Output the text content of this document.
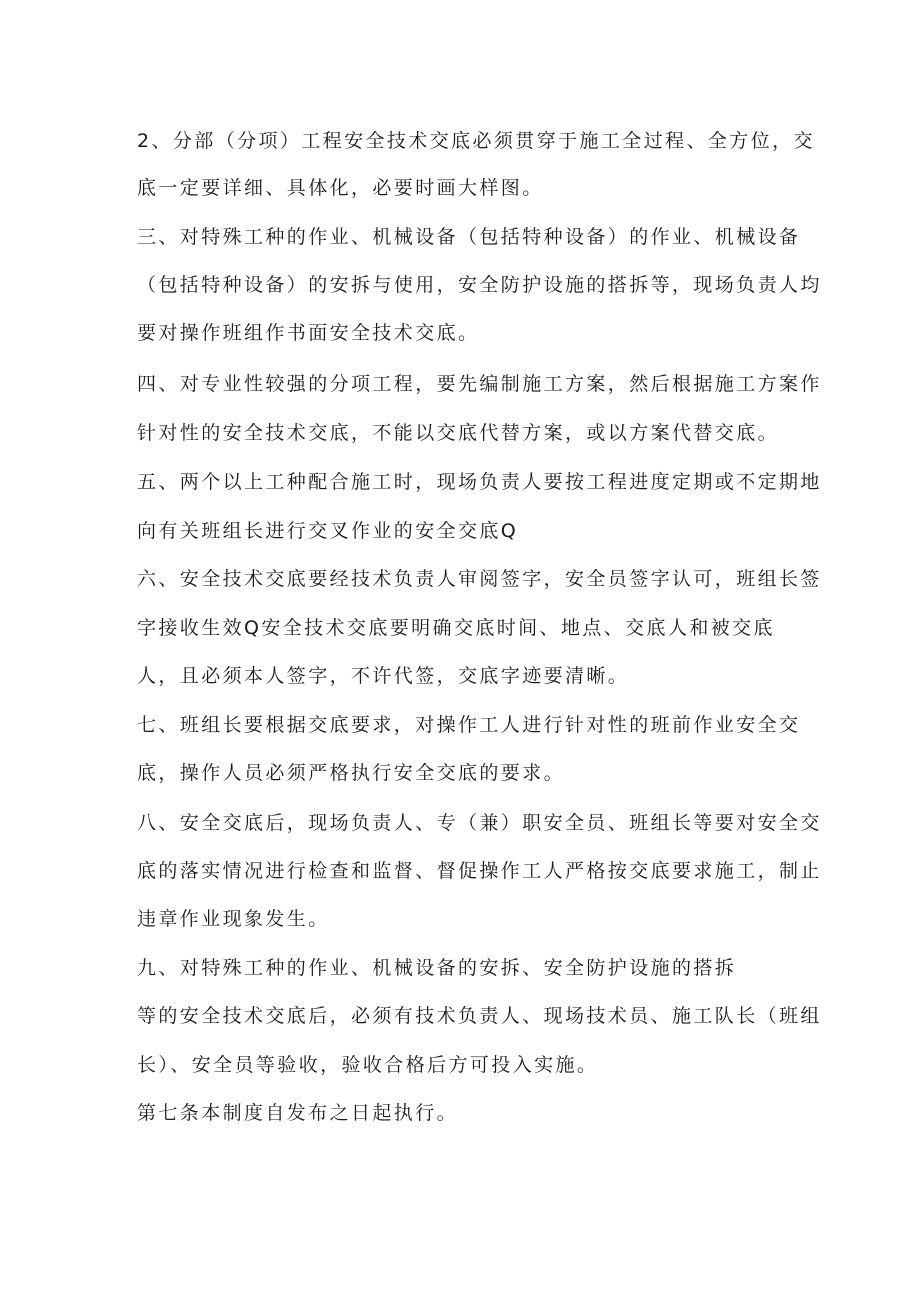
2、分部（分项）工程安全技术交底必须贯穿于施工全过程、全方位，交
底一定要详细、具体化，必要时画大样图。
三、对特殊工种的作业、机械设备（包括特种设备）的作业、机械设备
（包括特种设备）的安拆与使用，安全防护设施的搭拆等，现场负责人均
要对操作班组作书面安全技术交底。
四、对专业性较强的分项工程，要先编制施工方案，然后根据施工方案作
针对性的安全技术交底，不能以交底代替方案，或以方案代替交底。
五、两个以上工种配合施工时，现场负责人要按工程进度定期或不定期地
向有关班组长进行交叉作业的安全交底Q
六、安全技术交底要经技术负责人审阅签字，安全员签字认可，班组长签
字接收生效Q安全技术交底要明确交底时间、地点、交底人和被交底
人，且必须本人签字，不许代签，交底字迹要清晰。
七、班组长要根据交底要求，对操作工人进行针对性的班前作业安全交
底，操作人员必须严格执行安全交底的要求。
八、安全交底后，现场负责人、专（兼）职安全员、班组长等要对安全交
底的落实情况进行检查和监督、督促操作工人严格按交底要求施工，制止
违章作业现象发生。
九、对特殊工种的作业、机械设备的安拆、安全防护设施的搭拆
等的安全技术交底后，必须有技术负责人、现场技术员、施工队长（班组
长）、安全员等验收，验收合格后方可投入实施。
第七条本制度自发布之日起执行。
